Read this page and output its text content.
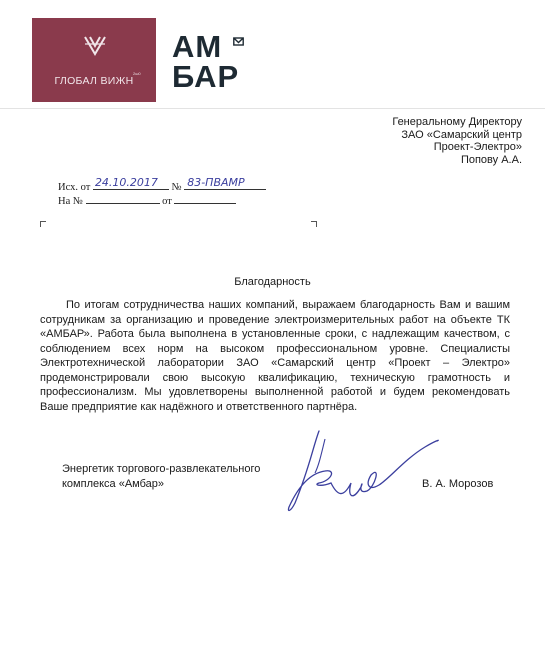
ГЛОБАЛ ВИЖН
2ш0
АМ
БАР
Генеральному Директору
ЗАО «Самарский центр
Проект-Электро»
Попову А.А.
Исх. от 24.10.2017 № 83-ПВАМР
На №	от
Благодарность

По итогам сотрудничества наших компаний, выражаем благодарность Вам и вашим сотрудникам за организацию и проведение электроизмерительных работ на объекте ТК «АМБАР». Работа была выполнена в установленные сроки, с надлежащим качеством, с соблюдением всех норм на высоком профессиональном уровне. Специалисты Электротехнической лаборатории ЗАО «Самарский центр «Проект – Электро» продемонстрировали свою высокую квалификацию, техническую грамотность и профессионализм. Мы удовлетворены выполненной работой и будем рекомендовать Ваше предприятие как надёжного и ответственного партнёра.

Энергетик торгового-развлекательного
комплекса «Амбар»	В. А. Морозов
